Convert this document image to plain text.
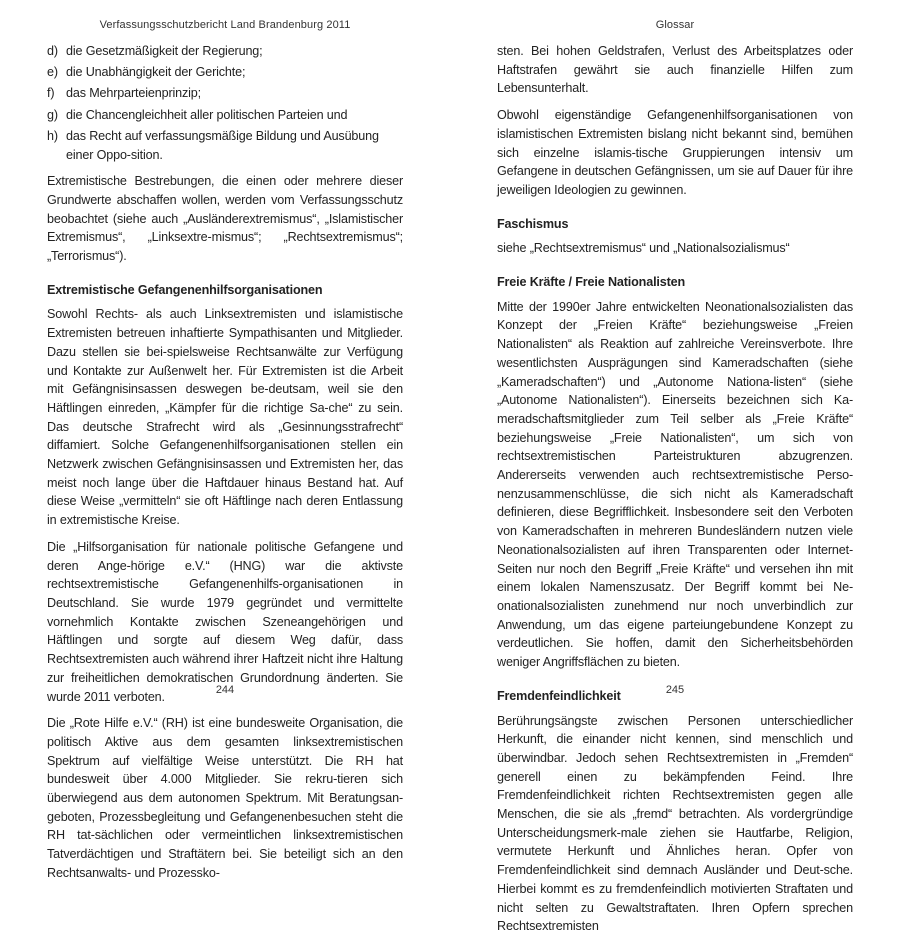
Verfassungsschutzbericht Land Brandenburg 2011
d) die Gesetzmäßigkeit der Regierung;
e) die Unabhängigkeit der Gerichte;
f) das Mehrparteienprinzip;
g) die Chancengleichheit aller politischen Parteien und
h) das Recht auf verfassungsmäßige Bildung und Ausübung einer Oppo-sition.

Extremistische Bestrebungen, die einen oder mehrere dieser Grundwerte abschaffen wollen, werden vom Verfassungsschutz beobachtet (siehe auch „Ausländerextremismus“, „Islamistischer Extremismus“, „Linksextre-mismus“; „Rechtsextremismus“; „Terrorismus“).

Extremistische Gefangenenhilfsorganisationen

Sowohl Rechts- als auch Linksextremisten und islamistische Extremisten betreuen inhaftierte Sympathisanten und Mitglieder. Dazu stellen sie bei-spielsweise Rechtsanwälte zur Verfügung und Kontakte zur Außenwelt her. Für Extremisten ist die Arbeit mit Gefängnisinsassen deswegen be-deutsam, weil sie den Häftlingen einreden, „Kämpfer für die richtige Sa-che“ zu sein. Das deutsche Strafrecht wird als „Gesinnungsstrafrecht“ diffamiert. Solche Gefangenenhilfsorganisationen stellen ein Netzwerk zwischen Gefängnisinsassen und Extremisten her, das meist noch lange über die Haftdauer hinaus Bestand hat. Auf diese Weise „vermitteln“ sie oft Häftlinge nach deren Entlassung in extremistische Kreise.

Die „Hilfsorganisation für nationale politische Gefangene und deren Ange-hörige e.V.“ (HNG) war die aktivste rechtsextremistische Gefangenenhilfs-organisationen in Deutschland. Sie wurde 1979 gegründet und vermittelte vornehmlich Kontakte zwischen Szeneangehörigen und Häftlingen und sorgte auf diesem Weg dafür, dass Rechtsextremisten auch während ihrer Haftzeit nicht ihre Haltung zur freiheitlichen demokratischen Grundordnung änderten. Sie wurde 2011 verboten.

Die „Rote Hilfe e.V.“ (RH) ist eine bundesweite Organisation, die politisch Aktive aus dem gesamten linksextremistischen Spektrum auf vielfältige Weise unterstützt. Die RH hat bundesweit über 4.000 Mitglieder. Sie rekru-tieren sich überwiegend aus dem autonomen Spektrum. Mit Beratungsan-geboten, Prozessbegleitung und Gefangenenbesuchen steht die RH tat-sächlichen oder vermeintlichen linksextremistischen Tatverdächtigen und Straftätern bei. Sie beteiligt sich an den Rechtsanwalts- und Prozessko-

244
Glossar

sten. Bei hohen Geldstrafen, Verlust des Arbeitsplatzes oder Haftstrafen gewährt sie auch finanzielle Hilfen zum Lebensunterhalt.

Obwohl eigenständige Gefangenenhilfsorganisationen von islamistischen Extremisten bislang nicht bekannt sind, bemühen sich einzelne islamis-tische Gruppierungen intensiv um Gefangene in deutschen Gefängnissen, um sie auf Dauer für ihre jeweiligen Ideologien zu gewinnen.

Faschismus

siehe „Rechtsextremismus“ und „Nationalsozialismus“

Freie Kräfte / Freie Nationalisten

Mitte der 1990er Jahre entwickelten Neonationalsozialisten das Konzept der „Freien Kräfte“ beziehungsweise „Freien Nationalisten“ als Reaktion auf zahlreiche Vereinsverbote. Ihre wesentlichsten Ausprägungen sind Kameradschaften (siehe „Kameradschaften“) und „Autonome Nationa-listen“ (siehe „Autonome Nationalisten“). Einerseits bezeichnen sich Ka-meradschaftsmitglieder zum Teil selber als „Freie Kräfte“ beziehungsweise „Freie Nationalisten“, um sich von rechtsextremistischen Parteistrukturen abzugrenzen. Andererseits verwenden auch rechtsextremistische Perso-nenzusammenschlüsse, die sich nicht als Kameradschaft definieren, diese Begrifflichkeit. Insbesondere seit den Verboten von Kameradschaften in mehreren Bundesländern nutzen viele Neonationalsozialisten auf ihren Transparenten oder Internet-Seiten nur noch den Begriff „Freie Kräfte“ und versehen ihn mit einem lokalen Namenszusatz. Der Begriff kommt bei Ne-onationalsozialisten zunehmend nur noch unverbindlich zur Anwendung, um das eigene parteiungebundene Konzept zu verdeutlichen. Sie hoffen, damit den Sicherheitsbehörden weniger Angriffsflächen zu bieten.

Fremdenfeindlichkeit

Berührungsängste zwischen Personen unterschiedlicher Herkunft, die einander nicht kennen, sind menschlich und überwindbar. Jedoch sehen Rechtsextremisten in „Fremden“ generell einen zu bekämpfenden Feind. Ihre Fremdenfeindlichkeit richten Rechtsextremisten gegen alle Menschen, die sie als „fremd“ betrachten. Als vordergründige Unterscheidungsmerk-male ziehen sie Hautfarbe, Religion, vermutete Herkunft und Ähnliches heran. Opfer von Fremdenfeindlichkeit sind demnach Ausländer und Deut-sche. Hierbei kommt es zu fremdenfeindlich motivierten Straftaten und nicht selten zu Gewaltstraftaten. Ihren Opfern sprechen Rechtsextremisten

245
